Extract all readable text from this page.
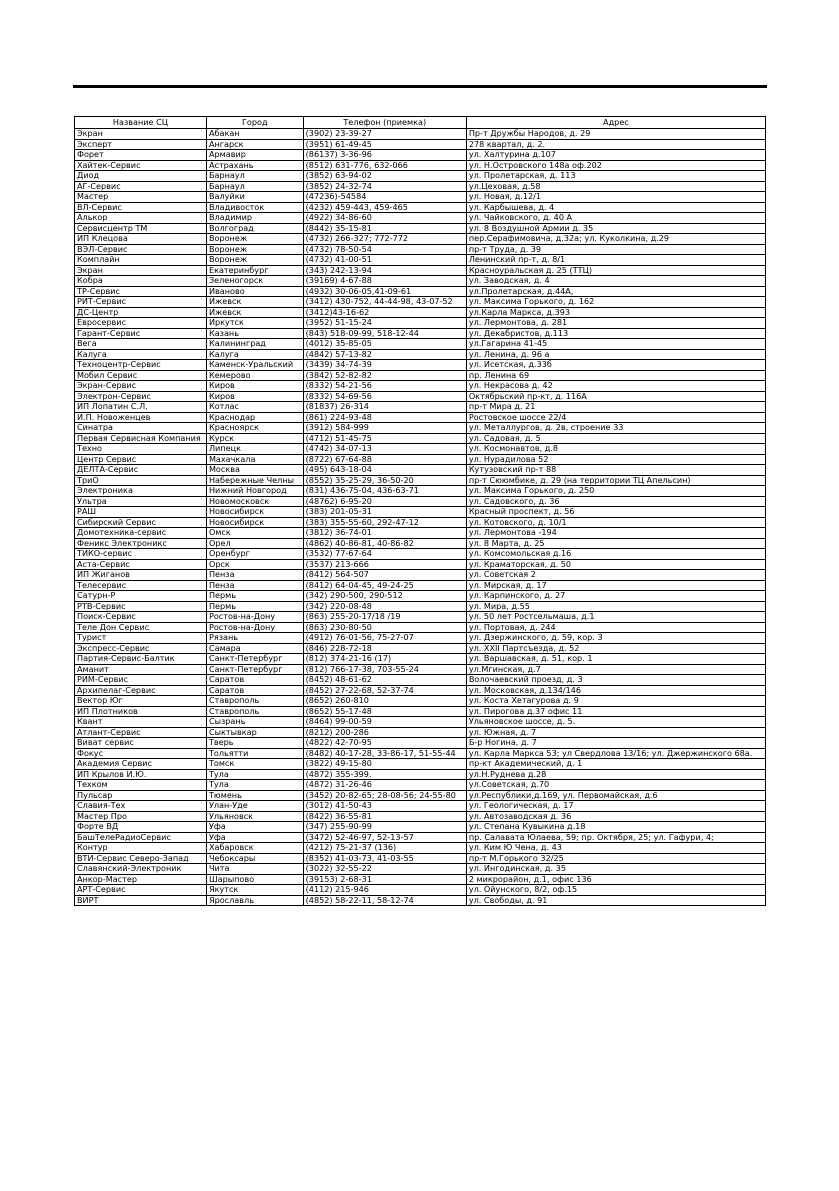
Название СЦ	Город	Телефон (приемка)	Адрес
Экран	Абакан	(3902) 23-39-27	Пр-т Дружбы Народов, д. 29
Эксперт	Ангарск	(3951) 61-49-45	278 квартал, д. 2.
Форет	Армавир	(86137) 3-36-96	ул. Халтурина д.107
Хайтек-Сервис	Астрахань	(8512) 631-776, 632-066	ул. Н.Островского 148а оф.202
Диод	Барнаул	(3852) 63-94-02	ул. Пролетарская, д. 113
АГ-Сервис	Барнаул	(3852) 24-32-74	ул.Цеховая, д.58
Мастер	Валуйки	(47236)-54584	ул. Новая, д.12/1
ВЛ-Сервис	Владивосток	(4232) 459-443, 459-465	ул. Карбышева, д. 4
Алькор	Владимир	(4922) 34-86-60	ул. Чайковского, д. 40 А
Сервисцентр ТМ	Волгоград	(8442) 35-15-81	ул. 8 Воздушной Армии д. 35
ИП Клецова	Воронеж	(4732) 266-327; 772-772	пер.Серафимовича, д.32а; ул. Куколкина, д.29
ВЭЛ-Сервис	Воронеж	(4732) 78-50-54	пр-т Труда, д. 39
Комплайн	Воронеж	(4732) 41-00-51	Ленинский пр-т, д. 8/1
Экран	Екатеринбург	(343) 242-13-94	Красноуральская д. 25 (ТТЦ)
Кобра	Зеленогорск	(39169) 4-67-88	ул. Заводская, д. 4
ТР-Сервис	Иваново	(4932) 30-06-05,41-09-61	ул.Пролетарская, д.44А,
РИТ-Сервис	Ижевск	(3412) 430-752, 44-44-98, 43-07-52	ул. Максима Горького, д. 162
ДС-Центр	Ижевск	(3412)43-16-62	ул.Карла Маркса, д.393
Евросервис	Иркутск	(3952) 51-15-24	ул. Лермонтова, д. 281
Гарант-Сервис	Казань	(843) 518-09-99, 518-12-44	ул. Декабристов, д.113
Вега	Калининград	(4012) 35-85-05	ул.Гагарина 41-45
Калуга	Калуга	(4842) 57-13-82	ул. Ленина, д. 96 а
Техноцентр-Сервис	Каменск-Уральский	(3439) 34-74-39	ул. Исетская, д.33б
Мобил Сервис	Кемерово	(3842) 52-82-82	пр. Ленина 69
Экран-Сервис	Киров	(8332) 54-21-56	ул. Некрасова д. 42
Электрон-Сервис	Киров	(8332) 54-69-56	Октябрьский пр-кт, д. 116А
ИП Лопатин С.Л.	Котлас	(81837) 26-314	пр-т Мира д. 21
И.П. Новоженцев	Краснодар	(861) 224-93-48	Ростовское шоссе 22/4
Синатра	Красноярск	(3912) 584-999	ул. Металлургов, д. 2в, строение 33
Первая Сервисная Компания	Курск	(4712) 51-45-75	ул. Садовая, д. 5
Техно	Липецк	(4742) 34-07-13	ул. Космонавтов, д.8
Центр Сервис	Махачкала	(8722) 67-64-88	ул. Нурадилова 52
ДЕЛТА-Сервис	Москва	(495) 643-18-04	Кутузовский пр-т 88
ТриО	Набережные Челны	(8552) 35-25-29, 36-50-20	пр-т Сююмбике, д. 29 (на территории ТЦ Апельсин)
Электроника	Нижний Новгород	(831) 436-75-04, 436-63-71	ул. Максима Горького, д. 250
Ультра	Новомосковск	(48762) 6-95-20	ул. Садовского, д. 36
РАШ	Новосибирск	(383) 201-05-31	Красный проспект, д. 56
Сибирский Сервис	Новосибирск	(383) 355-55-60, 292-47-12	ул. Котовского, д. 10/1
Домотехника-сервис	Омск	(3812) 36-74-01	ул. Лермонтова -194
Феникс Электроникс	Орел	(4862) 40-86-81, 40-86-82	ул. 8 Марта, д. 25
ТИКО-сервис	Оренбург	(3532) 77-67-64	ул. Комсомольская д.16
Аста-Сервис	Орск	(3537) 213-666	ул. Краматорская, д. 50
ИП Жиганов	Пенза	(8412) 564-507	ул. Советская 2
Телесервис	Пенза	(8412) 64-04-45, 49-24-25	ул. Мирская, д. 17
Сатурн-Р	Пермь	(342) 290-500, 290-512	ул. Карпинского, д. 27
РТВ-Сервис	Пермь	(342) 220-08-48	ул. Мира, д.55
Поиск-Сервис	Ростов-на-Дону	(863) 255-20-17/18 /19	ул. 50 лет Ростсельмаша, д.1
Теле Дон Сервис	Ростов-на-Дону	(863) 230-80-50	ул. Портовая, д. 244
Турист	Рязань	(4912) 76-01-56, 75-27-07	ул. Дзержинского, д. 59, кор. 3
Экспресс-Сервис	Самара	(846) 228-72-18	ул. XXII Партсъезда, д. 52
Партия-Сервис-Балтик	Санкт-Петербург	(812) 374-21-16 (17)	ул. Варшавская, д. 51, кор. 1
Аманит	Санкт-Петербург	(812) 766-17-38, 703-55-24	ул.Мгинская, д.7
РИМ-Сервис	Саратов	(8452) 48-61-62	Волочаевский проезд, д. 3
Архипелаг-Сервис	Саратов	(8452) 27-22-68, 52-37-74	ул. Московская, д.134/146
Вектор Юг	Ставрополь	(8652) 260-810	ул. Коста Хетагурова д. 9
ИП Плотников	Ставрополь	(8652) 55-17-48	ул. Пирогова д.37 офис 11
Квант	Сызрань	(8464) 99-00-59	Ульяновское шоссе, д. 5.
Атлант-Сервис	Сыктывкар	(8212) 200-286	ул. Южная, д. 7
Виват сервис	Тверь	(4822) 42-70-95	Б-р Ногина, д. 7
Фокус	Тольятти	(8482) 40-17-28, 33-86-17, 51-55-44	ул. Карла Маркса 53; ул Свердлова 13/16; ул. Джержинского 68а.
Академия Сервис	Томск	(3822) 49-15-80	пр-кт Академический, д. 1
ИП Крылов И.Ю.	Тула	(4872) 355-399.	ул.Н.Руднева д.28
Техком	Тула	(4872) 31-26-46	ул.Советская, д.70
Пульсар	Тюмень	(3452) 20-82-65; 28-08-56; 24-55-80	ул.Республики,д.169, ул. Первомайская, д.6
Славия-Тех	Улан-Уде	(3012) 41-50-43	ул. Геологическая, д. 17
Мастер Про	Ульяновск	(8422) 36-55-81	ул. Автозаводская д. 36
Форте ВД	Уфа	(347) 255-90-99	ул. Степана Кувыкина д.18
БашТелеРадиоСервис	Уфа	(3472) 52-46-97, 52-13-57	пр. Салавата Юлаева, 59; пр. Октября, 25; ул. Гафури, 4;
Контур	Хабаровск	(4212) 75-21-37 (136)	ул. Ким Ю Чена, д. 43
ВТИ-Сервис Северо-Запад	Чебоксары	(8352) 41-03-73, 41-03-55	пр-т М.Горького 32/25
Славянский-Электроник	Чита	(3022) 32-55-22	ул. Ингодинская, д. 35
Анкор-Мастер	Шарыпово	(39153) 2-68-31	2 микрорайон, д.1, офис 136
АРТ-Сервис	Якутск	(4112) 215-946	ул. Ойунского, 8/2, оф.15
ВИРТ	Ярославль	(4852) 58-22-11, 58-12-74	ул. Свободы, д. 91
